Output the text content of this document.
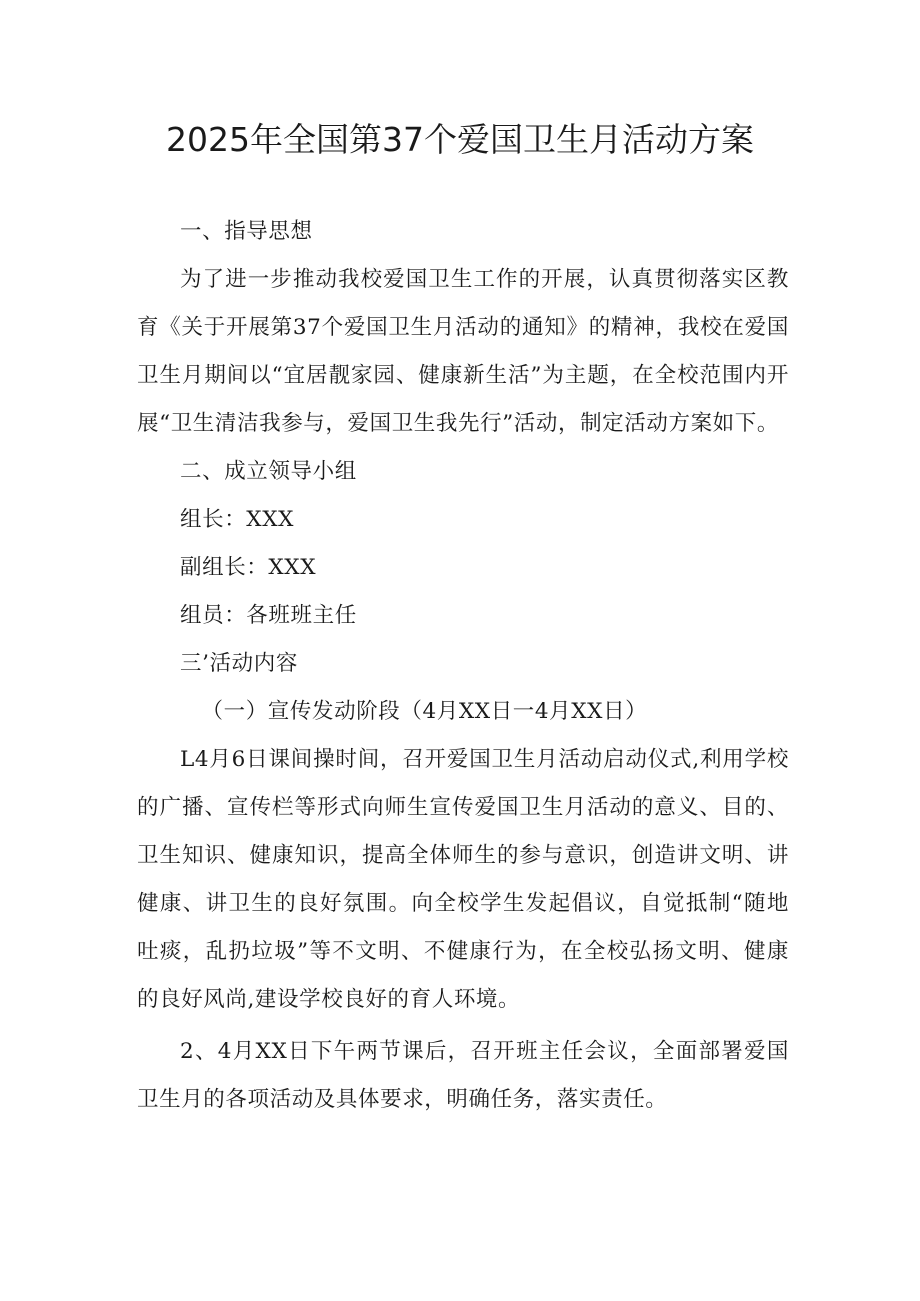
2025年全国第37个爱国卫生月活动方案

一、指导思想

为了进一步推动我校爱国卫生工作的开展，认真贯彻落实区教育《关于开展第37个爱国卫生月活动的通知》的精神，我校在爱国卫生月期间以“宜居靓家园、健康新生活”为主题，在全校范围内开展“卫生清洁我参与，爱国卫生我先行”活动，制定活动方案如下。

二、成立领导小组

组长：XXX

副组长：XXX

组员：各班班主任

三’活动内容

（一）宣传发动阶段（4月XX日一4月XX日）

L4月6日课间操时间，召开爱国卫生月活动启动仪式,利用学校的广播、宣传栏等形式向师生宣传爱国卫生月活动的意义、目的、卫生知识、健康知识，提高全体师生的参与意识，创造讲文明、讲健康、讲卫生的良好氛围。向全校学生发起倡议，自觉抵制“随地吐痰，乱扔垃圾”等不文明、不健康行为，在全校弘扬文明、健康的良好风尚,建设学校良好的育人环境。

2、4月XX日下午两节课后，召开班主任会议，全面部署爱国卫生月的各项活动及具体要求，明确任务，落实责任。
